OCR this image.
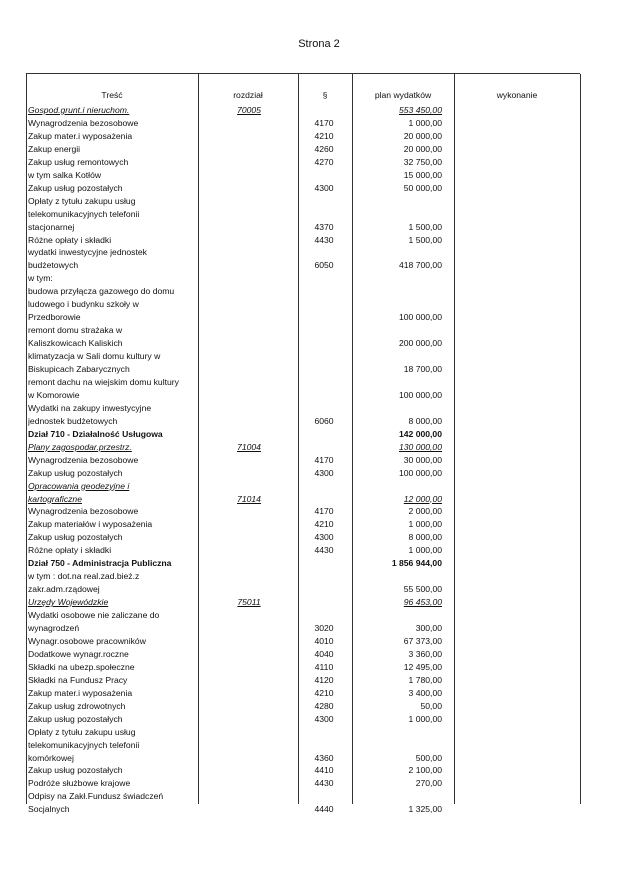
Strona 2
Treść	rozdział	§	plan wydatków	wykonanie
Gospod.grunt.i nieruchom.	70005	553 450,00
Wynagrodzenia bezosobowe	4170	1 000,00
Zakup mater.i wyposażenia	4210	20 000,00
Zakup energii	4260	20 000,00
Zakup usług remontowych	4270	32 750,00
w tym salka Kotłów	15 000,00
Zakup usług pozostałych	4300	50 000,00
Opłaty z tytułu zakupu usług
telekomunikacyjnych telefonii
stacjonarnej	4370	1 500,00
Różne opłaty i składki	4430	1 500,00
wydatki inwestycyjne jednostek
budżetowych	6050	418 700,00
w tym:
budowa przyłącza gazowego do domu
ludowego i budynku szkoły w
Przedborowie	100 000,00
remont domu strażaka w
Kaliszkowicach Kaliskich	200 000,00
klimatyzacja w Sali domu kultury w
Biskupicach Zabarycznych	18 700,00
remont dachu na wiejskim domu kultury
w Komorowie	100 000,00
Wydatki na zakupy inwestycyjne
jednostek budżetowych	6060	8 000,00
Dział 710 - Działalność Usługowa	142 000,00
Plany zagospodar.przestrz.	71004	130 000,00
Wynagrodzenia bezosobowe	4170	30 000,00
Zakup usług pozostałych	4300	100 000,00
Opracowania geodezyjne i
kartograficzne	71014	12 000,00
Wynagrodzenia bezosobowe	4170	2 000,00
Zakup materiałów i wyposażenia	4210	1 000,00
Zakup usług pozostałych	4300	8 000,00
Różne opłaty i składki	4430	1 000,00
Dział 750 - Administracja Publiczna	1 856 944,00
w tym : dot.na real.zad.bież.z
zakr.adm.rządowej	55 500,00
Urzędy Wojewódzkie	75011	96 453,00
Wydatki osobowe nie zaliczane do
wynagrodzeń	3020	300,00
Wynagr.osobowe pracowników	4010	67 373,00
Dodatkowe wynagr.roczne	4040	3 360,00
Składki na ubezp.społeczne	4110	12 495,00
Składki na Fundusz Pracy	4120	1 780,00
Zakup mater.i wyposażenia	4210	3 400,00
Zakup usług zdrowotnych	4280	50,00
Zakup usług pozostałych	4300	1 000,00
Opłaty z tytułu zakupu usług
telekomunikacyjnych telefonii
komórkowej	4360	500,00
Zakup usług pozostałych	4410	2 100,00
Podróże służbowe krajowe	4430	270,00
Odpisy na Zakł.Fundusz świadczeń
Socjalnych	4440	1 325,00
